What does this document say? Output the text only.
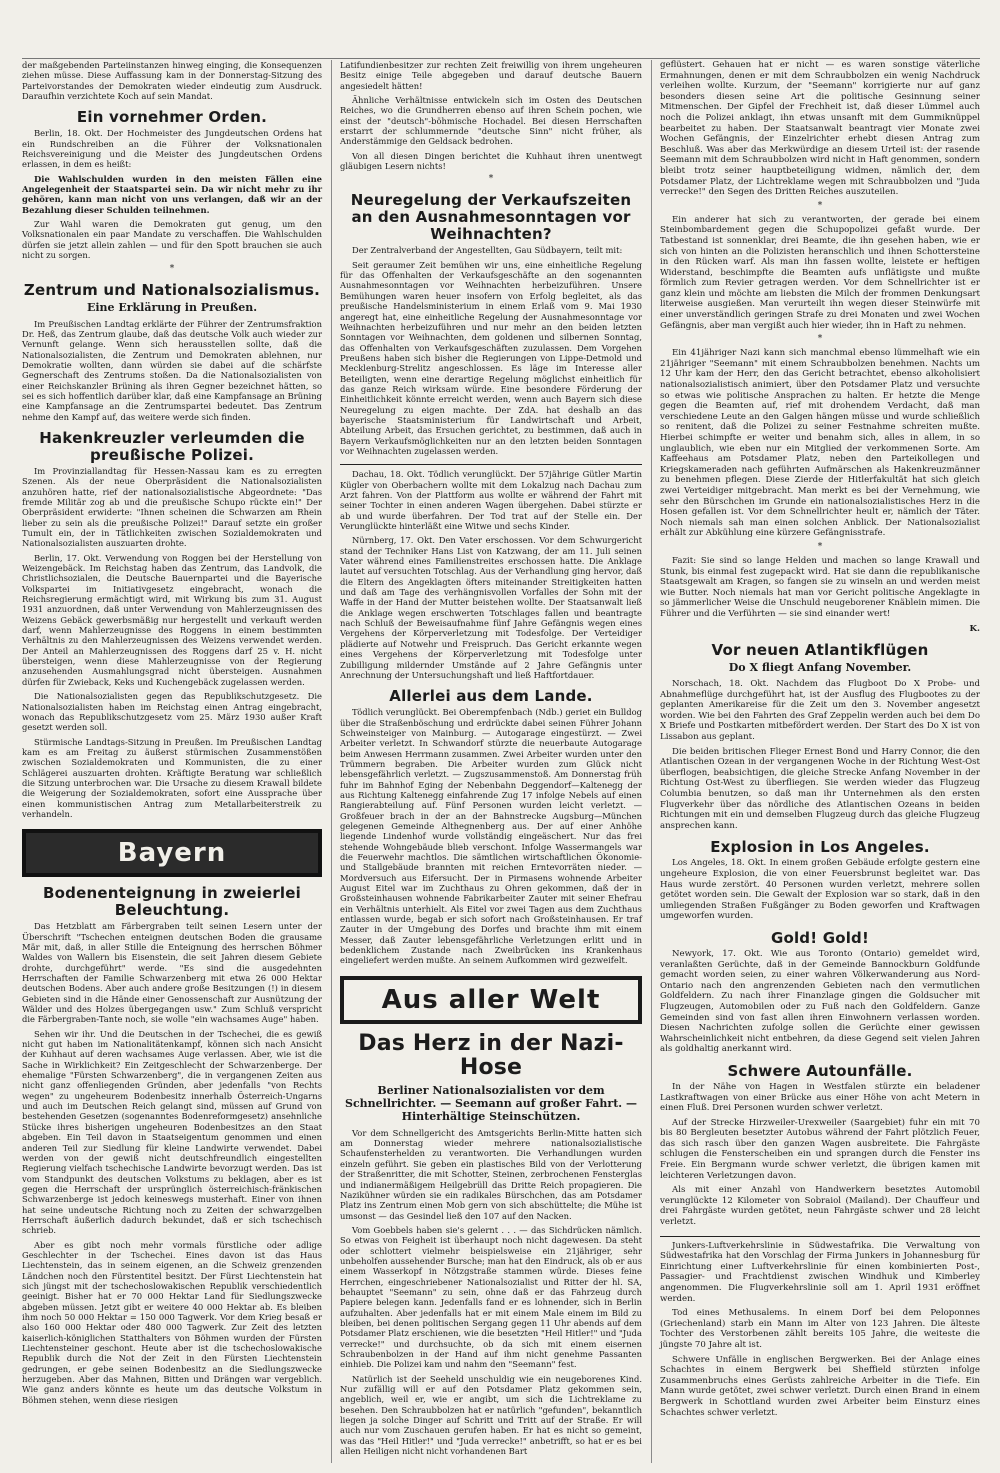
der maßgebenden Parteiinstanzen hinweg einging, die Konsequenzen ziehen müsse. Diese Auffassung kam in der Donnerstag-Sitzung des Parteivorstandes der Demokraten wieder eindeutig zum Ausdruck. Daraufhin verzichtete Koch auf sein Mandat.

Ein vornehmer Orden.

Berlin, 18. Okt. Der Hochmeister des Jungdeutschen Ordens hat ein Rundschreiben an die Führer der Volksnationalen Reichsvereinigung und die Meister des Jungdeutschen Ordens erlassen, in dem es heißt:

Die Wahlschulden wurden in den meisten Fällen eine Angelegenheit der Staatspartei sein. Da wir nicht mehr zu ihr gehören, kann man nicht von uns verlangen, daß wir an der Bezahlung dieser Schulden teilnehmen.

Zur Wahl waren die Demokraten gut genug, um den Volksnationalen ein paar Mandate zu verschaffen. Die Wahlschulden dürfen sie jetzt allein zahlen — und für den Spott brauchen sie auch nicht zu sorgen.

*
Zentrum und Nationalsozialismus.
Eine Erklärung in Preußen.

Im Preußischen Landtag erklärte der Führer der Zentrumsfraktion Dr. Heß, das Zentrum glaube, daß das deutsche Volk auch wieder zur Vernunft gelange. Wenn sich herausstellen sollte, daß die Nationalsozialisten, die Zentrum und Demokraten ablehnen, nur Demokratie wollten, dann würden sie dabei auf die schärfste Gegnerschaft des Zentrums stoßen. Da die Nationalsozialisten von einer Reichskanzler Brüning als ihren Gegner bezeichnet hätten, so sei es sich hoffentlich darüber klar, daß eine Kampfansage an Brüning eine Kampfansage an die Zentrumspartei bedeutet. Das Zentrum nehme den Kampf auf, das weitere werde sich finden.

Hakenkreuzler verleumden die preußische Polizei.

Im Provinziallandtag für Hessen-Nassau kam es zu erregten Szenen. Als der neue Oberpräsident die Nationalsozialisten anzuhören hatte, rief der nationalsozialistische Abgeordnete: "Das fremde Militär zog ab und die preußische Schupo rückte ein!" Der Oberpräsident erwiderte: "Ihnen scheinen die Schwarzen am Rhein lieber zu sein als die preußische Polizei!" Darauf setzte ein großer Tumult ein, der in Tätlichkeiten zwischen Sozialdemokraten und Nationalsozialisten auszuarten drohte.

Berlin, 17. Okt. Verwendung von Roggen bei der Herstellung von Weizengebäck. Im Reichstag haben das Zentrum, das Landvolk, die Christlichsozialen, die Deutsche Bauernpartei und die Bayerische Volkspartei im Initiativgesetz eingebracht, wonach die Reichsregierung ermächtigt wird, mit Wirkung bis zum 31. August 1931 anzuordnen, daß unter Verwendung von Mahlerzeugnissen des Weizens Gebäck gewerbsmäßig nur hergestellt und verkauft werden darf, wenn Mahlerzeugnisse des Roggens in einem bestimmten Verhältnis zu den Mahlerzeugnissen des Weizens verwendet werden. Der Anteil an Mahlerzeugnissen des Roggens darf 25 v. H. nicht übersteigen, wenn diese Mahlerzeugnisse von der Regierung anzusehenden Ausmahlungsgrad nicht übersteigen. Ausnahmen dürfen für Zwieback, Keks und Kuchengebäck zugelassen werden.

Die Nationalsozialisten gegen das Republikschutzgesetz. Die Nationalsozialisten haben im Reichstag einen Antrag eingebracht, wonach das Republikschutzgesetz vom 25. März 1930 außer Kraft gesetzt werden soll.

Stürmische Landtags-Sitzung in Preußen. Im Preußischen Landtag kam es am Freitag zu äußerst stürmischen Zusammenstößen zwischen Sozialdemokraten und Kommunisten, die zu einer Schlägerei auszuarten drohten. Kräftigte Beratung war schließlich die Sitzung unterbrochen war. Die Ursache zu diesem Krawall bildete die Weigerung der Sozialdemokraten, sofort eine Aussprache über einen kommunistischen Antrag zum Metallarbeiterstreik zu verhandeln.

Bayern
Bodenenteignung in zweierlei Beleuchtung.

Das Hetzblatt am Färbergraben teilt seinen Lesern unter der Überschrift "Tschechen enteignen deutschen Boden die grausame Mär mit, daß, in aller Stille die Enteignung des herrschen Böhmer Waldes von Wallern bis Eisenstein, die seit Jahren diesem Gebiete drohte, durchgeführt" werde. "Es sind die ausgedehnten Herrschaften der Familie Schwarzenberg mit etwa 26 000 Hektar deutschen Bodens. Aber auch andere große Besitzungen (!) in diesem Gebieten sind in die Hände einer Genossenschaft zur Ausnützung der Wälder und des Holzes übergegangen usw." Zum Schluß verspricht die Färbergraben-Tante noch, sie wolle "ein wachsames Auge" haben.

Sehen wir ihr. Und die Deutschen in der Tschechei, die es gewiß nicht gut haben im Nationalitätenkampf, können sich nach Ansicht der Kuhhaut auf deren wachsames Auge verlassen. Aber, wie ist die Sache in Wirklichkeit? Ein Zeitgeschlecht der Schwarzenberge. Der ehemalige "Fürsten Schwarzenberg", die in vergangenen Zeiten aus nicht ganz offenliegenden Gründen, aber jedenfalls "von Rechts wegen" zu ungeheurem Bodenbesitz innerhalb Österreich-Ungarns und auch im Deutschen Reich gelangt sind, müssen auf Grund von bestehenden Gesetzen (sogenanntes Bodenreformgesetz) ansehnliche Stücke ihres bisherigen ungeheuren Bodenbesitzes an den Staat abgeben. Ein Teil davon in Staatseigentum genommen und einen anderen Teil zur Siedlung für kleine Landwirte verwendet. Dabei werden von der gewiß nicht deutschfreundlich eingestellten Regierung vielfach tschechische Landwirte bevorzugt werden. Das ist vom Standpunkt des deutschen Volkstums zu beklagen, aber es ist gegen die Herrschaft der ursprünglich österreichisch-fränkischen Schwarzenberge ist jedoch keineswegs musterhaft. Einer von ihnen hat seine undeutsche Richtung noch zu Zeiten der schwarzgelben Herrschaft äußerlich dadurch bekundet, daß er sich tschechisch schrieb.

Aber es gibt noch mehr vormals fürstliche oder adlige Geschlechter in der Tschechei. Eines davon ist das Haus Liechtenstein, das in seinem eigenen, an die Schweiz grenzenden Ländchen noch den Fürstentitel besitzt. Der Fürst Liechtenstein hat sich jüngst mit der tschechoslowakischen Republik verschiedentlich geeinigt. Bisher hat er 70 000 Hektar Land für Siedlungszwecke abgeben müssen. Jetzt gibt er weitere 40 000 Hektar ab. Es bleiben ihm noch 50 000 Hektar = 150 000 Tagwerk. Vor dem Krieg besaß er also 160 000 Hektar oder 480 000 Tagwerk. Zur Zeit des letzten kaiserlich-königlichen Statthalters von Böhmen wurden der Fürsten Liechtensteiner geschont. Heute aber ist die tschechoslowakische Republik durch die Not der Zeit in den Fürsten Liechtenstein gedrungen, er gebe seinen Bodenbesitz an die Siedlungszwecke herzugeben. Aber das Mahnen, Bitten und Drängen war vergeblich. Wie ganz anders könnte es heute um das deutsche Volkstum in Böhmen stehen, wenn diese riesigen

Latifundienbesitzer zur rechten Zeit freiwillig von ihrem ungeheuren Besitz einige Teile abgegeben und darauf deutsche Bauern angesiedelt hätten!

Ähnliche Verhältnisse entwickeln sich im Osten des Deutschen Reiches, wo die Grundherren ebenso auf ihren Schein pochen, wie einst der "deutsch"-böhmische Hochadel. Bei diesen Herrschaften erstarrt der schlummernde "deutsche Sinn" nicht früher, als Anderstämmige den Geldsack bedrohen.

Von all diesen Dingen berichtet die Kuhhaut ihren unentwegt gläubigen Lesern nichts!

*
Neuregelung der Verkaufszeiten an den Ausnahmesonntagen vor Weihnachten?

Der Zentralverband der Angestellten, Gau Südbayern, teilt mit:

Seit geraumer Zeit bemühen wir uns, eine einheitliche Regelung für das Offenhalten der Verkaufsgeschäfte an den sogenannten Ausnahmesonntagen vor Weihnachten herbeizuführen. Unsere Bemühungen waren heuer insofern von Erfolg begleitet, als das preußische Handelsministerium in einem Erlaß vom 9. Mai 1930 angeregt hat, eine einheitliche Regelung der Ausnahmesonntage vor Weihnachten herbeizuführen und nur mehr an den beiden letzten Sonntagen vor Weihnachten, dem goldenen und silbernen Sonntag, das Offenhalten von Verkaufsgeschäften zuzulassen. Dem Vorgehen Preußens haben sich bisher die Regierungen von Lippe-Detmold und Mecklenburg-Strelitz angeschlossen. Es läge im Interesse aller Beteiligten, wenn eine derartige Regelung möglichst einheitlich für das ganze Reich wirksam würde. Eine besondere Förderung der Einheitlichkeit könnte erreicht werden, wenn auch Bayern sich diese Neuregelung zu eigen machte. Der ZdA. hat deshalb an das bayerische Staatsministerium für Landwirtschaft und Arbeit, Abteilung Arbeit, das Ersuchen gerichtet, zu bestimmen, daß auch in Bayern Verkaufsmöglichkeiten nur an den letzten beiden Sonntagen vor Weihnachten zugelassen werden.

Dachau, 18. Okt. Tödlich verunglückt. Der 57jährige Gütler Martin Kügler von Oberbachern wollte mit dem Lokalzug nach Dachau zum Arzt fahren. Von der Plattform aus wollte er während der Fahrt mit seiner Tochter in einen anderen Wagen übergehen. Dabei stürzte er ab und wurde überfahren. Der Tod trat auf der Stelle ein. Der Verunglückte hinterläßt eine Witwe und sechs Kinder.

Nürnberg, 17. Okt. Den Vater erschossen. Vor dem Schwurgericht stand der Techniker Hans List von Katzwang, der am 11. Juli seinen Vater während eines Familienstreites erschossen hatte. Die Anklage lautet auf versuchten Totschlag. Aus der Verhandlung ging hervor, daß die Eltern des Angeklagten öfters miteinander Streitigkeiten hatten und daß am Tage des verhängnisvollen Vorfalles der Sohn mit der Waffe in der Hand der Mutter beistehen wollte. Der Staatsanwalt ließ die Anklage wegen erschwerten Totschlages fallen und beantragte nach Schluß der Beweisaufnahme fünf Jahre Gefängnis wegen eines Vergehens der Körperverletzung mit Todesfolge. Der Verteidiger plädierte auf Notwehr und Freispruch. Das Gericht erkannte wegen eines Vergehens der Körperverletzung mit Todesfolge unter Zubilligung mildernder Umstände auf 2 Jahre Gefängnis unter Anrechnung der Untersuchungshaft und ließ Haftfortdauer.

Allerlei aus dem Lande.

Tödlich verunglückt. Bei Oberempfenbach (Ndb.) geriet ein Bulldog über die Straßenböschung und erdrückte dabei seinen Führer Johann Schweinsteiger von Mainburg. — Autogarage eingestürzt. — Zwei Arbeiter verletzt. In Schwandorf stürzte die neuerbaute Autogarage beim Anwesen Herrmann zusammen. Zwei Arbeiter wurden unter den Trümmern begraben. Die Arbeiter wurden zum Glück nicht lebensgefährlich verletzt. — Zugszusammenstoß. Am Donnerstag früh fuhr im Bahnhof Eging der Nebenbahn Deggendorf—Kaltenegg der aus Richtung Kaltenegg einfahrende Zug 17 infolge Nebels auf einen Rangierabteilung auf. Fünf Personen wurden leicht verletzt. — Großfeuer brach in der an der Bahnstrecke Augsburg—München gelegenen Gemeinde Althegnenberg aus. Der auf einer Anhöhe liegende Lindenhof wurde vollständig eingeäschert. Nur das frei stehende Wohngebäude blieb verschont. Infolge Wassermangels war die Feuerwehr machtlos. Die sämtlichen wirtschaftlichen Ökonomie- und Stallgebäude brannten mit reichen Erntevorräten nieder. — Mordversuch aus Eifersucht. Der in Pirmasens wohnende Arbeiter August Eitel war im Zuchthaus zu Ohren gekommen, daß der in Großsteinhausen wohnende Fabrikarbeiter Zauter mit seiner Ehefrau ein Verhältnis unterhielt. Als Eitel vor zwei Tagen aus dem Zuchthaus entlassen wurde, begab er sich sofort nach Großsteinhausen. Er traf Zauter in der Umgebung des Dorfes und brachte ihm mit einem Messer, daß Zauter lebensgefährliche Verletzungen erlitt und in bedenklichem Zustande nach Zweibrücken ins Krankenhaus eingeliefert werden mußte. An seinem Aufkommen wird gezweifelt.

Aus aller Welt
Das Herz in der Nazi-Hose
Berliner Nationalsozialisten vor dem Schnellrichter. — Seemann auf großer Fahrt. — Hinterhältige Steinschützen.

Vor dem Schnellgericht des Amtsgerichts Berlin-Mitte hatten sich am Donnerstag wieder mehrere nationalsozialistische Schaufensterhelden zu verantworten. Die Verhandlungen wurden einzeln geführt. Sie geben ein plastisches Bild von der Verlotterung der Straßenritter, die mit Schotter, Steinen, zerbrochenen Fensterglas und indianermäßigem Heilgebrüll das Dritte Reich propagieren. Die Nazikühner würden sie ein radikales Bürschchen, das am Potsdamer Platz ins Zentrum einen Mob gern von sich abschüttelte; die Mühe ist umsonst — das Gesindel ließ den 107 auf den Nacken.

Vom Goebbels haben sie's gelernt . . . — das Sichdrücken nämlich. So etwas von Feigheit ist überhaupt noch nicht dagewesen. Da steht oder schlottert vielmehr beispielsweise ein 21jähriger, sehr unbeholfen aussehender Bursche; man hat den Eindruck, als ob er aus einem Wasserkopf in Nötzgstraße stammen würde. Dieses feine Herrchen, eingeschriebener Nationalsozialist und Ritter der hl. SA, behauptet "Seemann" zu sein, ohne daß er das Fahrzeug durch Papiere belegen kann. Jedenfalls fand er es lohnender, sich in Berlin aufzuhalten. Aber jedenfalls hat er mit einem Male einem im Bild zu bleiben, bei denen politischen Sergang gegen 11 Uhr abends auf dem Potsdamer Platz erschienen, wie die besetzten "Heil Hitler!" und "Juda verrecke!" und durchsuchte, ob da sich mit einem eisernen Schraubenbolzen in der Hand auf ihm nicht genehme Passanten einhieb. Die Polizei kam und nahm den "Seemann" fest.

Natürlich ist der Seeheld unschuldig wie ein neugeborenes Kind. Nur zufällig will er auf den Potsdamer Platz gekommen sein, angeblich, weil er, wie er angibt, um sich die Lichtreklame zu besehen. Den Schraubbolzen hat er natürlich "gefunden", bekanntlich liegen ja solche Dinger auf Schritt und Tritt auf der Straße. Er will auch nur vom Zuschauen gerufen haben. Er hat es nicht so gemeint, was das "Heil Hitler!" und "Juda verrecke!" anbetrifft, so hat er es bei allen Heiligen nicht nicht vorhandenen Bart

geflüstert. Gehauen hat er nicht — es waren sonstige väterliche Ermahnungen, denen er mit dem Schraubbolzen ein wenig Nachdruck verleihen wollte. Kurzum, der "Seemann" korrigierte nur auf ganz besonders diesen seine Art die politische Gesinnung seiner Mitmenschen. Der Gipfel der Frechheit ist, daß dieser Lümmel auch noch die Polizei anklagt, ihn etwas unsanft mit dem Gummiknüppel bearbeitet zu haben. Der Staatsanwalt beantragt vier Monate zwei Wochen Gefängnis, der Einzelrichter erhebt diesen Antrag zum Beschluß. Was aber das Merkwürdige an diesem Urteil ist: der rasende Seemann mit dem Schraubbolzen wird nicht in Haft genommen, sondern bleibt trotz seiner hauptbeteiligung widmen, nämlich der, dem Potsdamer Platz, der Lichtreklame wegen mit Schraubbolzen und "Juda verrecke!" den Segen des Dritten Reiches auszuteilen.

*

Ein anderer hat sich zu verantworten, der gerade bei einem Steinbombardement gegen die Schupopolizei gefaßt wurde. Der Tatbestand ist sonnenklar, drei Beamte, die ihn gesehen haben, wie er sich von hinten an die Polizisten heranschlich und ihnen Schottersteine in den Rücken warf. Als man ihn fassen wollte, leistete er heftigen Widerstand, beschimpfte die Beamten aufs unflätigste und mußte förmlich zum Revier getragen werden. Vor dem Schnellrichter ist er ganz klein und möchte am liebsten die Milch der frommen Denkungsart literweise ausgießen. Man verurteilt ihn wegen dieser Steinwürfe mit einer unverständlich geringen Strafe zu drei Monaten und zwei Wochen Gefängnis, aber man vergißt auch hier wieder, ihn in Haft zu nehmen.

*

Ein 41jähriger Nazi kann sich manchmal ebenso lümmelhaft wie ein 21jähriger "Seemann" mit einem Schraubbolzen benehmen. Nachts um 12 Uhr kam der Herr, den das Gericht betrachtet, ebenso alkoholisiert nationalsozialistisch animiert, über den Potsdamer Platz und versuchte so etwas wie politische Ansprachen zu halten. Er hetzte die Menge gegen die Beamten auf, rief mit drohendem Verdacht, daß man verschiedene Leute an den Galgen hängen müsse und wurde schließlich so renitent, daß die Polizei zu seiner Festnahme schreiten mußte. Hierbei schimpfte er weiter und benahm sich, alles in allem, in so unglaublich, wie eben nur ein Mitglied der verkommenen Sorte. Am Kaffeehaus am Potsdamer Platz, neben den Parteikollegen und Kriegskameraden nach geführten Aufmärschen als Hakenkreuzmänner zu benehmen pflegen. Diese Zierde der Hitlerfakultät hat sich gleich zwei Verteidiger mitgebracht. Man merkt es bei der Vernehmung, wie sehr den Bürschchen im Grunde ein nationalsozialistisches Herz in die Hosen gefallen ist. Vor dem Schnellrichter heult er, nämlich der Täter. Noch niemals sah man einen solchen Anblick. Der Nationalsozialist erhält zur Abkühlung eine kürzere Gefängnisstrafe.

*

Fazit: Sie sind so lange Helden und machen so lange Krawall und Stunk, bis einmal fest zugepackt wird. Hat sie dann die republikanische Staatsgewalt am Kragen, so fangen sie zu winseln an und werden meist wie Butter. Noch niemals hat man vor Gericht politische Angeklagte in so jämmerlicher Weise die Unschuld neugeborener Knäblein mimen. Die Führer und die Verführten — sie sind einander wert!

K.
Vor neuen Atlantikflügen
Do X fliegt Anfang November.

Norschach, 18. Okt. Nachdem das Flugboot Do X Probe- und Abnahmeflüge durchgeführt hat, ist der Ausflug des Flugbootes zu der geplanten Amerikareise für die Zeit um den 3. November angesetzt worden. Wie bei den Fahrten des Graf Zeppelin werden auch bei dem Do X Briefe und Postkarten mitbefördert werden. Der Start des Do X ist von Lissabon aus geplant.

Die beiden britischen Flieger Ernest Bond und Harry Connor, die den Atlantischen Ozean in der vergangenen Woche in der Richtung West-Ost überflogen, beabsichtigen, die gleiche Strecke Anfang November in der Richtung Ost-West zu überfliegen. Sie werden wieder das Flugzeug Columbia benutzen, so daß man ihr Unternehmen als den ersten Flugverkehr über das nördliche des Atlantischen Ozeans in beiden Richtungen mit ein und demselben Flugzeug durch das gleiche Flugzeug ansprechen kann.

Explosion in Los Angeles.

Los Angeles, 18. Okt. In einem großen Gebäude erfolgte gestern eine ungeheure Explosion, die von einer Feuersbrunst begleitet war. Das Haus wurde zerstört. 40 Personen wurden verletzt, mehrere sollen getötet worden sein. Die Gewalt der Explosion war so stark, daß in den umliegenden Straßen Fußgänger zu Boden geworfen und Kraftwagen umgeworfen wurden.

Gold! Gold!

Newyork, 17. Okt. Wie aus Toronto (Ontario) gemeldet wird, veranlaßten Gerüchte, daß in der Gemeinde Bannockburn Goldfunde gemacht worden seien, zu einer wahren Völkerwanderung aus Nord-Ontario nach den angrenzenden Gebieten nach den vermutlichen Goldfeldern. Zu nach ihrer Finanzlage gingen die Goldsucher mit Flugzeugen, Automobilen oder zu Fuß nach den Goldfeldern. Ganze Gemeinden sind von fast allen ihren Einwohnern verlassen worden. Diesen Nachrichten zufolge sollen die Gerüchte einer gewissen Wahrscheinlichkeit nicht entbehren, da diese Gegend seit vielen Jahren als goldhaltig anerkannt wird.

Schwere Autounfälle.

In der Nähe von Hagen in Westfalen stürzte ein beladener Lastkraftwagen von einer Brücke aus einer Höhe von acht Metern in einen Fluß. Drei Personen wurden schwer verletzt.

Auf der Strecke Hirzweiler-Urexweiler (Saargebiet) fuhr ein mit 70 bis 80 Bergleuten besetzter Autobus während der Fahrt plötzlich Feuer, das sich rasch über den ganzen Wagen ausbreitete. Die Fahrgäste schlugen die Fensterscheiben ein und sprangen durch die Fenster ins Freie. Ein Bergmann wurde schwer verletzt, die übrigen kamen mit leichteren Verletzungen davon.

Als mit einer Anzahl von Handwerkern besetztes Automobil verunglückte 12 Kilometer von Sobraiol (Mailand). Der Chauffeur und drei Fahrgäste wurden getötet, neun Fahrgäste schwer und 28 leicht verletzt.

Junkers-Luftverkehrslinie in Südwestafrika. Die Verwaltung von Südwestafrika hat den Vorschlag der Firma Junkers in Johannesburg für Einrichtung einer Luftverkehrslinie für einen kombinierten Post-, Passagier- und Frachtdienst zwischen Windhuk und Kimberley angenommen. Die Flugverkehrslinie soll am 1. April 1931 eröffnet werden.

Tod eines Methusalems. In einem Dorf bei dem Peloponnes (Griechenland) starb ein Mann im Alter von 123 Jahren. Die älteste Tochter des Verstorbenen zählt bereits 105 Jahre, die weiteste die jüngste 70 Jahre alt ist.

Schwere Unfälle in englischen Bergwerken. Bei der Anlage eines Schachtes in einem Bergwerk bei Sheffield stürzten infolge Zusammenbruchs eines Gerüsts zahlreiche Arbeiter in die Tiefe. Ein Mann wurde getötet, zwei schwer verletzt. Durch einen Brand in einem Bergwerk in Schottland wurden zwei Arbeiter beim Einsturz eines Schachtes schwer verletzt.
